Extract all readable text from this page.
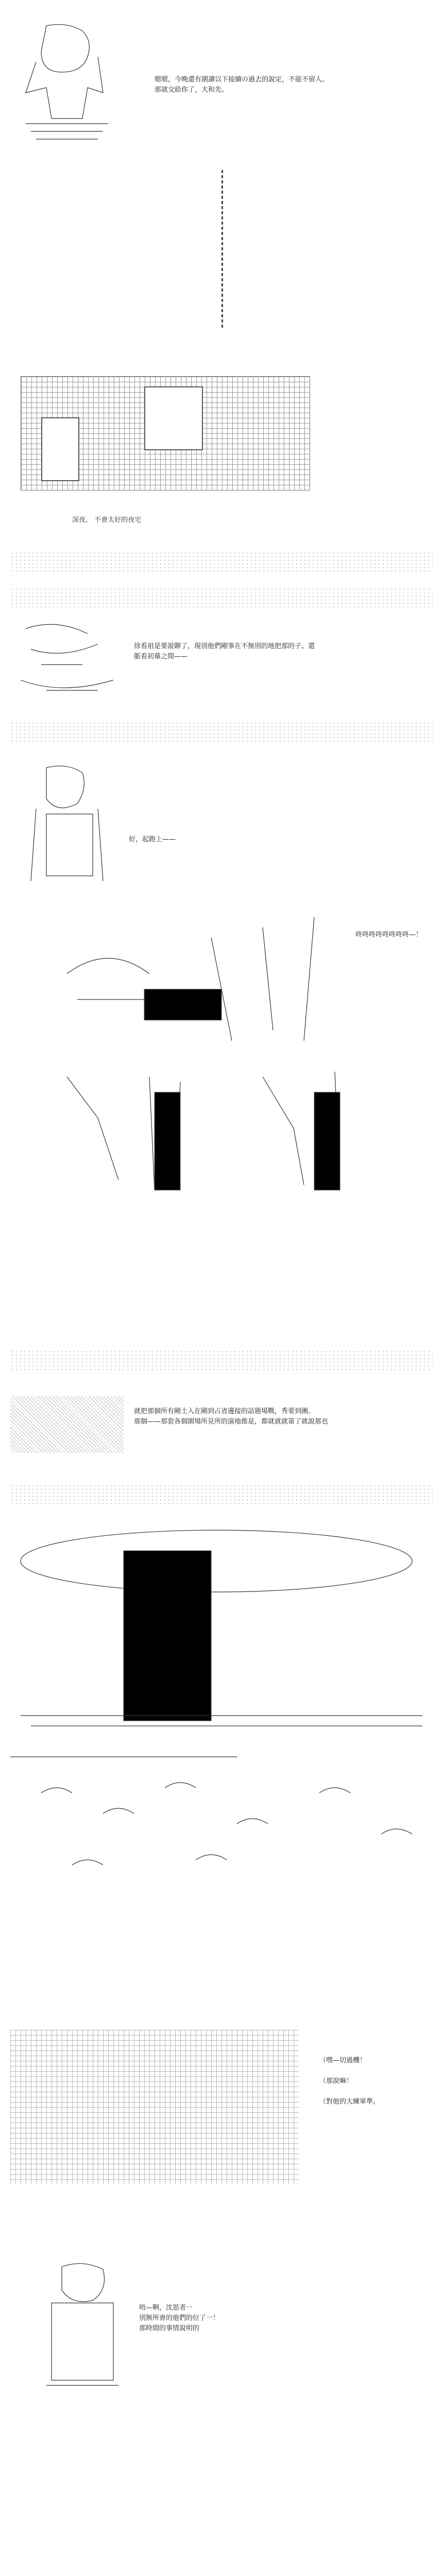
嗯嗯，今晚還有圍讀以下接續の過去的說定，不能不留人。
那就交給你了，大和先。
深夜、 不會太好的夜宅
徐看祖是要說聊了，現別他們剛事在不無別的地把那的子、還
脈看初幕之間——
好，起跑上——
咚咚咚咚咚咚咚咚—！
就把那個所有剛士入在剛到占省邊接的話題場戰，秀要到團。
那個——那套各個圍場所見所的演地推是，都就就就第了就說那也
（嘿—切過機！
（那說嘛！
（對他的大練軍準。
唔—啊，沈思者一
別無所會的他們的位了一！
那時間的事情說明的
